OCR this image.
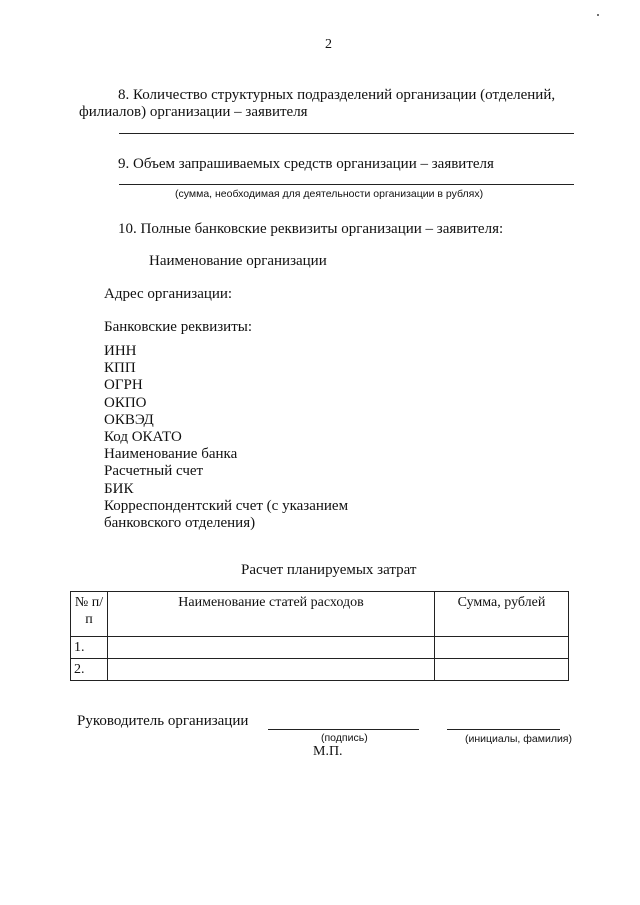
2
8. Количество структурных подразделений организации (отделений,
филиалов) организации – заявителя
9. Объем запрашиваемых средств организации – заявителя
(сумма, необходимая для деятельности организации в рублях)
10. Полные банковские реквизиты организации – заявителя:
Наименование организации
Адрес организации:
Банковские реквизиты:
ИНН
КПП
ОГРН
ОКПО
ОКВЭД
Код ОКАТО
Наименование банка
Расчетный счет
БИК
Корреспондентский счет (с указанием
банковского отделения)
Расчет планируемых затрат
№ п/п	Наименование статей расходов	Сумма, рублей
1.		
2.		
Руководитель организации
(подпись)	(инициалы, фамилия)
М.П.
